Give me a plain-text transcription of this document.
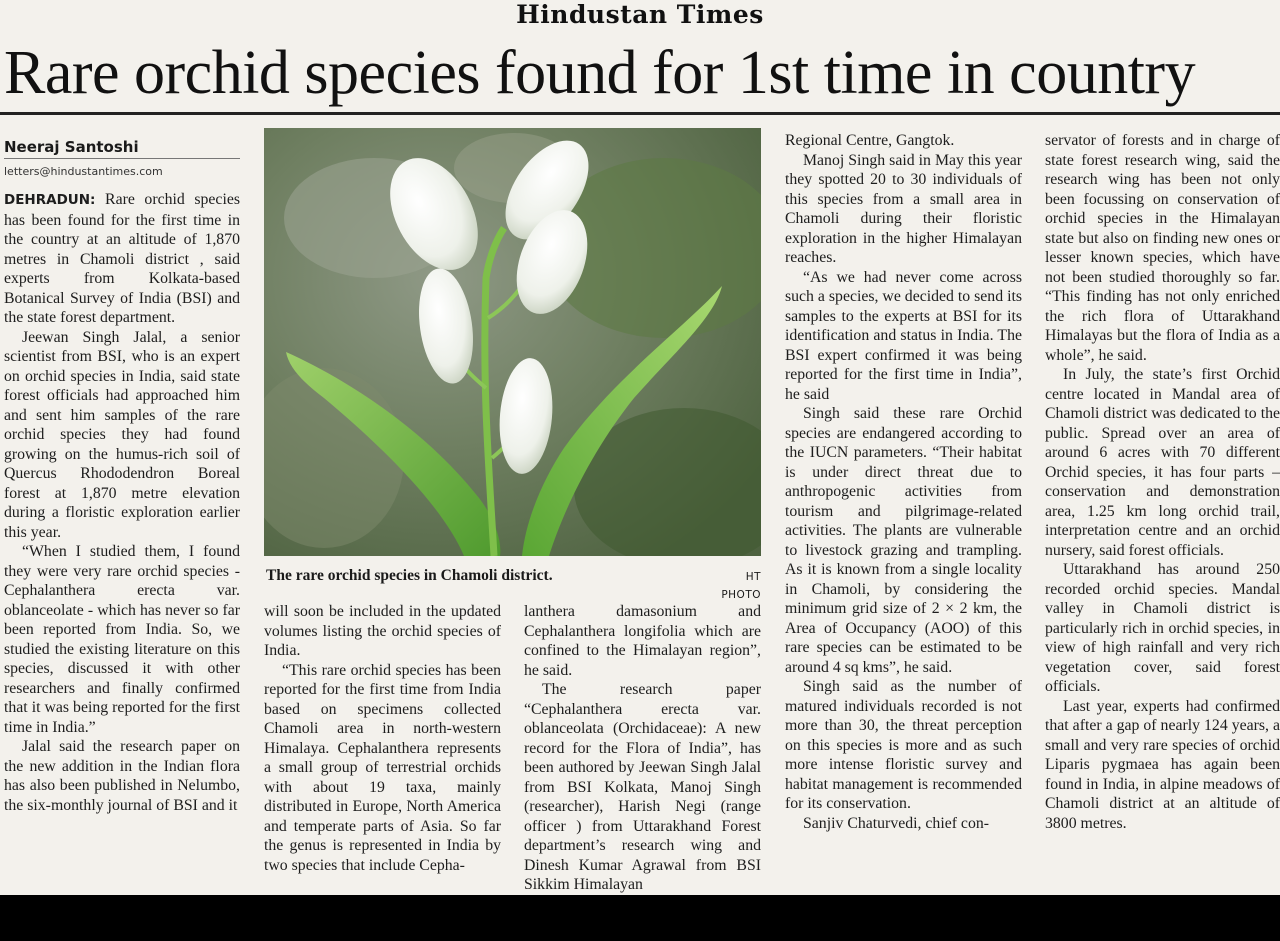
Hindustan Times
Rare orchid species found for 1st time in country
Neeraj Santoshi
letters@hindustantimes.com

DEHRADUN: Rare orchid species has been found for the first time in the country at an altitude of 1,870 metres in Chamoli district , said experts from Kolkata-based Botanical Survey of India (BSI) and the state forest department.

Jeewan Singh Jalal, a senior scientist from BSI, who is an expert on orchid species in India, said state forest officials had approached him and sent him samples of the rare orchid species they had found growing on the humus-rich soil of Quercus Rhododendron Boreal forest at 1,870 metre elevation during a floristic exploration earlier this year.

“When I studied them, I found they were very rare orchid species - Cephalanthera erecta var. oblanceolate - which has never so far been reported from India. So, we studied the existing literature on this species, discussed it with other researchers and finally confirmed that it was being reported for the first time in India.”

Jalal said the research paper on the new addition in the Indian flora has also been published in Nelumbo, the six-monthly journal of BSI and it

The rare orchid species in Chamoli district.	HT PHOTO

will soon be included in the updated volumes listing the orchid species of India.

“This rare orchid species has been reported for the first time from India based on specimens collected Chamoli area in north-western Himalaya. Cephalanthera represents a small group of terrestrial orchids with about 19 taxa, mainly distributed in Europe, North America and temperate parts of Asia. So far the genus is represented in India by two species that include Cepha-

lanthera damasonium and Cephalanthera longifolia which are confined to the Himalayan region”, he said.

The research paper “Cephalanthera erecta var. oblanceolata (Orchidaceae): A new record for the Flora of India”, has been authored by Jeewan Singh Jalal from BSI Kolkata, Manoj Singh (researcher), Harish Negi (range officer ) from Uttarakhand Forest department’s research wing and Dinesh Kumar Agrawal from BSI Sikkim Himalayan

Regional Centre, Gangtok.

Manoj Singh said in May this year they spotted 20 to 30 individuals of this species from a small area in Chamoli during their floristic exploration in the higher Himalayan reaches.

“As we had never come across such a species, we decided to send its samples to the experts at BSI for its identification and status in India. The BSI expert confirmed it was being reported for the first time in India”, he said

Singh said these rare Orchid species are endangered according to the IUCN parameters. “Their habitat is under direct threat due to anthropogenic activities from tourism and pilgrimage-related activities. The plants are vulnerable to livestock grazing and trampling. As it is known from a single locality in Chamoli, by considering the minimum grid size of 2 × 2 km, the Area of Occupancy (AOO) of this rare species can be estimated to be around 4 sq kms”, he said.

Singh said as the number of matured individuals recorded is not more than 30, the threat perception on this species is more and as such more intense floristic survey and habitat management is recommended for its conservation.

Sanjiv Chaturvedi, chief con-

servator of forests and in charge of state forest research wing, said the research wing has been not only been focussing on conservation of orchid species in the Himalayan state but also on finding new ones or lesser known species, which have not been studied thoroughly so far. “This finding has not only enriched the rich flora of Uttarakhand Himalayas but the flora of India as a whole”, he said.

In July, the state’s first Orchid centre located in Mandal area of Chamoli district was dedicated to the public. Spread over an area of around 6 acres with 70 different Orchid species, it has four parts – conservation and demonstration area, 1.25 km long orchid trail, interpretation centre and an orchid nursery, said forest officials.

Uttarakhand has around 250 recorded orchid species. Mandal valley in Chamoli district is particularly rich in orchid species, in view of high rainfall and very rich vegetation cover, said forest officials.

Last year, experts had confirmed that after a gap of nearly 124 years, a small and very rare species of orchid Liparis pygmaea has again been found in India, in alpine meadows of Chamoli district at an altitude of 3800 metres.
